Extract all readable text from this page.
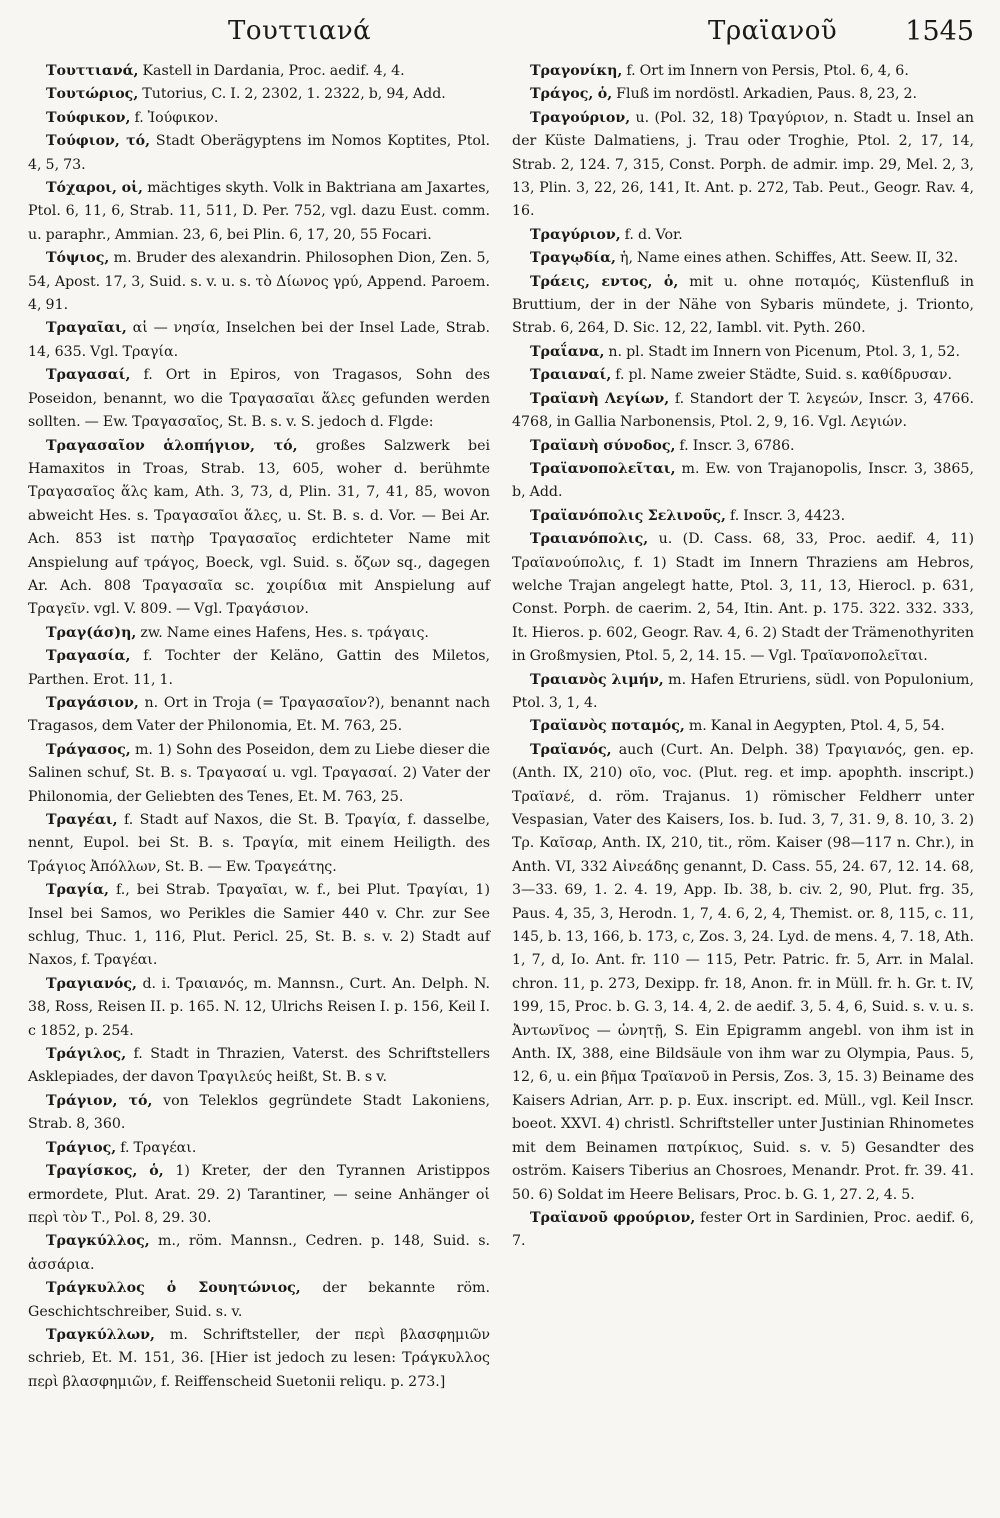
Τουττιανά	Τραϊανοῦ	1545

Τουττιανά, Kastell in Dardania, Proc. aedif. 4, 4.

Τουτώριος, Tutorius, C. I. 2, 2302, 1. 2322, b, 94, Add.

Τούφικον, f. Ἰούφικον.

Τούφιον, τό, Stadt Oberägyptens im Nomos Koptites, Ptol. 4, 5, 73.

Τόχαροι, οἱ, mächtiges skyth. Volk in Baktriana am Jaxartes, Ptol. 6, 11, 6, Strab. 11, 511, D. Per. 752, vgl. dazu Eust. comm. u. paraphr., Ammian. 23, 6, bei Plin. 6, 17, 20, 55 Focari.

Τόψιος, m. Bruder des alexandrin. Philosophen Dion, Zen. 5, 54, Apost. 17, 3, Suid. s. v. u. s. τὸ Δίωνος γρύ, Append. Paroem. 4, 91.

Τραγαῖαι, αἱ — νησία, Inselchen bei der Insel Lade, Strab. 14, 635. Vgl. Τραγία.

Τραγασαί, f. Ort in Epiros, von Tragasos, Sohn des Poseidon, benannt, wo die Τραγασαῖαι ἅλες gefunden werden sollten. — Ew. Τραγασαῖος, St. B. s. v. S. jedoch d. Flgde:

Τραγασαῖον ἁλοπήγιον, τό, großes Salzwerk bei Hamaxitos in Troas, Strab. 13, 605, woher d. berühmte Τραγασαῖος ἅλς kam, Ath. 3, 73, d, Plin. 31, 7, 41, 85, wovon abweicht Hes. s. Τραγασαῖοι ἅλες, u. St. B. s. d. Vor. — Bei Ar. Ach. 853 ist πατὴρ Τραγασαῖος erdichteter Name mit Anspielung auf τράγος, Boeck, vgl. Suid. s. ὄζων sq., dagegen Ar. Ach. 808 Τραγασαῖα sc. χοιρίδια mit Anspielung auf Τραγεῖν. vgl. V. 809. — Vgl. Τραγάσιον.

Τραγ(άσ)η, zw. Name eines Hafens, Hes. s. τράγαις.

Τραγασία, f. Tochter der Keläno, Gattin des Miletos, Parthen. Erot. 11, 1.

Τραγάσιον, n. Ort in Troja (= Τραγασαῖον?), benannt nach Tragasos, dem Vater der Philonomia, Et. M. 763, 25.

Τράγασος, m. 1) Sohn des Poseidon, dem zu Liebe dieser die Salinen schuf, St. B. s. Τραγασαί u. vgl. Τραγασαί. 2) Vater der Philonomia, der Geliebten des Tenes, Et. M. 763, 25.

Τραγέαι, f. Stadt auf Naxos, die St. B. Τραγία, f. dasselbe, nennt, Eupol. bei St. B. s. Τραγία, mit einem Heiligth. des Τράγιος Ἀπόλλων, St. B. — Ew. Τραγεάτης.

Τραγία, f., bei Strab. Τραγαῖαι, w. f., bei Plut. Τραγίαι, 1) Insel bei Samos, wo Perikles die Samier 440 v. Chr. zur See schlug, Thuc. 1, 116, Plut. Pericl. 25, St. B. s. v. 2) Stadt auf Naxos, f. Τραγέαι.

Τραγιανός, d. i. Τραιανός, m. Mannsn., Curt. An. Delph. N. 38, Ross, Reisen II. p. 165. N. 12, Ulrichs Reisen I. p. 156, Keil I. c 1852, p. 254.

Τράγιλος, f. Stadt in Thrazien, Vaterst. des Schriftstellers Asklepiades, der davon Τραγιλεύς heißt, St. B. s v.

Τράγιον, τό, von Teleklos gegründete Stadt Lakoniens, Strab. 8, 360.

Τράγιος, f. Τραγέαι.

Τραγίσκος, ὁ, 1) Kreter, der den Tyrannen Aristippos ermordete, Plut. Arat. 29. 2) Tarantiner, — seine Anhänger οἱ περὶ τὸν Τ., Pol. 8, 29. 30.

Τραγκύλλος, m., röm. Mannsn., Cedren. p. 148, Suid. s. ἀσσάρια.

Τράγκυλλος ὁ Σουητώνιος, der bekannte röm. Geschichtschreiber, Suid. s. v.

Τραγκύλλων, m. Schriftsteller, der περὶ βλασφημιῶν schrieb, Et. M. 151, 36. [Hier ist jedoch zu lesen: Τράγκυλλος περὶ βλασφημιῶν, f. Reiffenscheid Suetonii reliqu. p. 273.]

Τραγονίκη, f. Ort im Innern von Persis, Ptol. 6, 4, 6.

Τράγος, ὁ, Fluß im nordöstl. Arkadien, Paus. 8, 23, 2.

Τραγούριον, u. (Pol. 32, 18) Τραγύριον, n. Stadt u. Insel an der Küste Dalmatiens, j. Trau oder Troghie, Ptol. 2, 17, 14, Strab. 2, 124. 7, 315, Const. Porph. de admir. imp. 29, Mel. 2, 3, 13, Plin. 3, 22, 26, 141, It. Ant. p. 272, Tab. Peut., Geogr. Rav. 4, 16.

Τραγύριον, f. d. Vor.

Τραγῳδία, ἡ, Name eines athen. Schiffes, Att. Seew. II, 32.

Τράεις, εντος, ὁ, mit u. ohne ποταμός, Küstenfluß in Bruttium, der in der Nähe von Sybaris mündete, j. Trionto, Strab. 6, 264, D. Sic. 12, 22, Iambl. vit. Pyth. 260.

Τραΐανα, n. pl. Stadt im Innern von Picenum, Ptol. 3, 1, 52.

Τραιαναί, f. pl. Name zweier Städte, Suid. s. καθίδρυσαν.

Τραϊανὴ Λεγίων, f. Standort der T. λεγεών, Inscr. 3, 4766. 4768, in Gallia Narbonensis, Ptol. 2, 9, 16. Vgl. Λεγιών.

Τραϊανὴ σύνοδος, f. Inscr. 3, 6786.

Τραϊανοπολεῖται, m. Ew. von Trajanopolis, Inscr. 3, 3865, b, Add.

Τραϊανόπολις Σελινοῦς, f. Inscr. 3, 4423.

Τραιανόπολις, u. (D. Cass. 68, 33, Proc. aedif. 4, 11) Τραϊανούπολις, f. 1) Stadt im Innern Thraziens am Hebros, welche Trajan angelegt hatte, Ptol. 3, 11, 13, Hierocl. p. 631, Const. Porph. de caerim. 2, 54, Itin. Ant. p. 175. 322. 332. 333, It. Hieros. p. 602, Geogr. Rav. 4, 6. 2) Stadt der Trämenothyriten in Großmysien, Ptol. 5, 2, 14. 15. — Vgl. Τραϊανοπολεῖται.

Τραιανὸς λιμήν, m. Hafen Etruriens, südl. von Populonium, Ptol. 3, 1, 4.

Τραϊανὸς ποταμός, m. Kanal in Aegypten, Ptol. 4, 5, 54.

Τραϊανός, auch (Curt. An. Delph. 38) Τραγιανός, gen. ep. (Anth. IX, 210) οῖο, voc. (Plut. reg. et imp. apophth. inscript.) Τραϊανέ, d. röm. Trajanus. 1) römischer Feldherr unter Vespasian, Vater des Kaisers, Ios. b. Iud. 3, 7, 31. 9, 8. 10, 3. 2) Τρ. Καῖσαρ, Anth. IX, 210, tit., röm. Kaiser (98—117 n. Chr.), in Anth. VI, 332 Αἰνεάδης genannt, D. Cass. 55, 24. 67, 12. 14. 68, 3—33. 69, 1. 2. 4. 19, App. Ib. 38, b. civ. 2, 90, Plut. frg. 35, Paus. 4, 35, 3, Herodn. 1, 7, 4. 6, 2, 4, Themist. or. 8, 115, c. 11, 145, b. 13, 166, b. 173, c, Zos. 3, 24. Lyd. de mens. 4, 7. 18, Ath. 1, 7, d, Io. Ant. fr. 110 — 115, Petr. Patric. fr. 5, Arr. in Malal. chron. 11, p. 273, Dexipp. fr. 18, Anon. fr. in Müll. fr. h. Gr. t. IV, 199, 15, Proc. b. G. 3, 14. 4, 2. de aedif. 3, 5. 4, 6, Suid. s. v. u. s. Ἀντωνῖνος — ὠνητῇ, S. Ein Epigramm angebl. von ihm ist in Anth. IX, 388, eine Bildsäule von ihm war zu Olympia, Paus. 5, 12, 6, u. ein βῆμα Τραϊανοῦ in Persis, Zos. 3, 15. 3) Beiname des Kaisers Adrian, Arr. p. p. Eux. inscript. ed. Müll., vgl. Keil Inscr. boeot. XXVI. 4) christl. Schriftsteller unter Justinian Rhinometes mit dem Beinamen πατρίκιος, Suid. s. v. 5) Gesandter des oström. Kaisers Tiberius an Chosroes, Menandr. Prot. fr. 39. 41. 50. 6) Soldat im Heere Belisars, Proc. b. G. 1, 27. 2, 4. 5.

Τραϊανοῦ φρούριον, fester Ort in Sardinien, Proc. aedif. 6, 7.
